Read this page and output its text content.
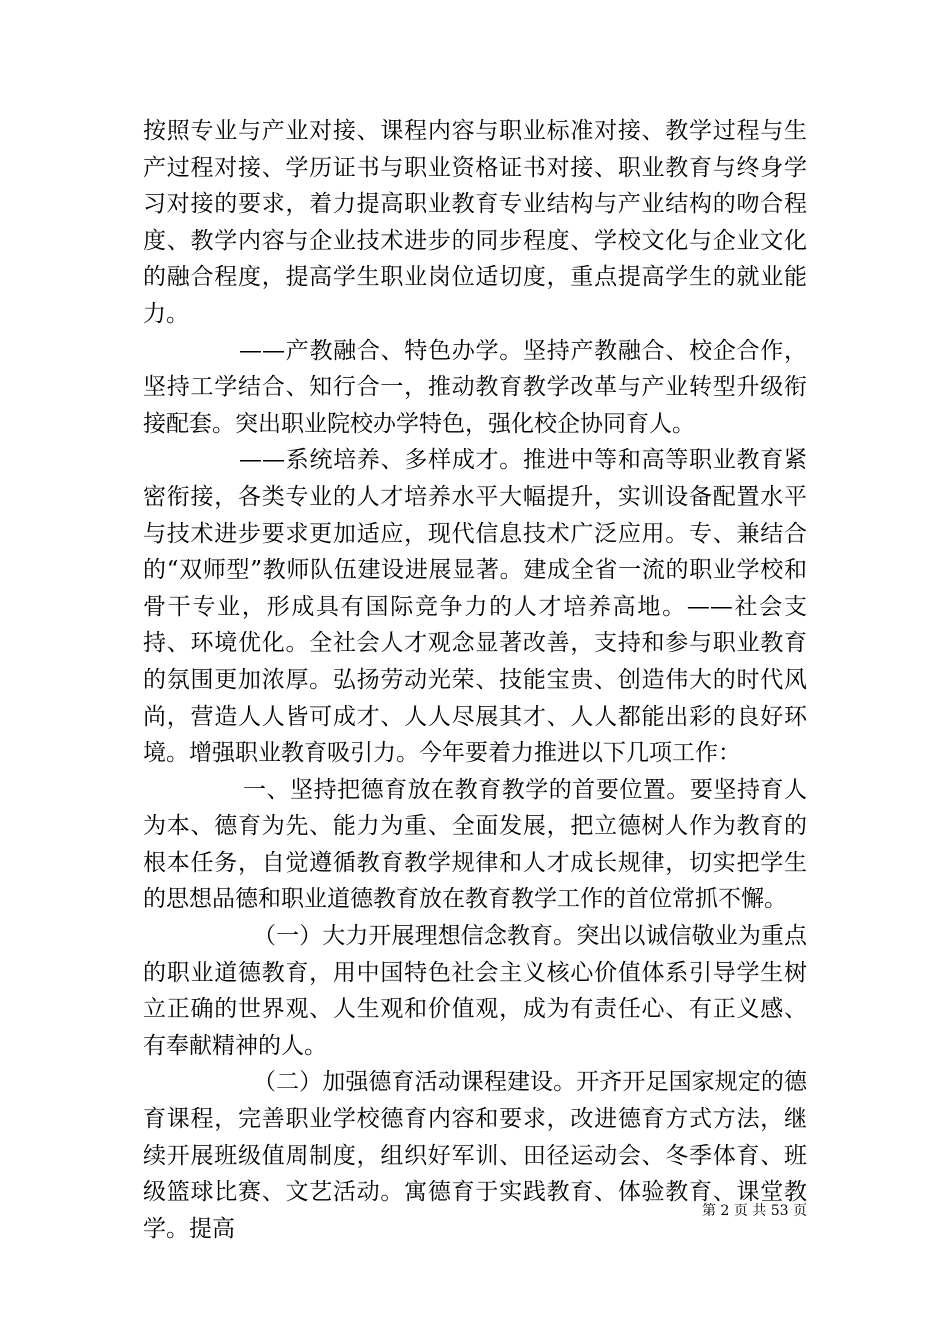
按照专业与产业对接、课程内容与职业标准对接、教学过程与生产过程对接、学历证书与职业资格证书对接、职业教育与终身学习对接的要求，着力提高职业教育专业结构与产业结构的吻合程度、教学内容与企业技术进步的同步程度、学校文化与企业文化的融合程度，提高学生职业岗位适切度，重点提高学生的就业能力。

——产教融合、特色办学。坚持产教融合、校企合作，坚持工学结合、知行合一，推动教育教学改革与产业转型升级衔接配套。突出职业院校办学特色，强化校企协同育人。

——系统培养、多样成才。推进中等和高等职业教育紧密衔接，各类专业的人才培养水平大幅提升，实训设备配置水平与技术进步要求更加适应，现代信息技术广泛应用。专、兼结合的“双师型”教师队伍建设进展显著。建成全省一流的职业学校和骨干专业，形成具有国际竞争力的人才培养高地。——社会支持、环境优化。全社会人才观念显著改善，支持和参与职业教育的氛围更加浓厚。弘扬劳动光荣、技能宝贵、创造伟大的时代风尚，营造人人皆可成才、人人尽展其才、人人都能出彩的良好环境。增强职业教育吸引力。今年要着力推进以下几项工作：

一、坚持把德育放在教育教学的首要位置。要坚持育人为本、德育为先、能力为重、全面发展，把立德树人作为教育的根本任务，自觉遵循教育教学规律和人才成长规律，切实把学生的思想品德和职业道德教育放在教育教学工作的首位常抓不懈。

（一）大力开展理想信念教育。突出以诚信敬业为重点的职业道德教育，用中国特色社会主义核心价值体系引导学生树立正确的世界观、人生观和价值观，成为有责任心、有正义感、有奉献精神的人。

（二）加强德育活动课程建设。开齐开足国家规定的德育课程，完善职业学校德育内容和要求，改进德育方式方法，继续开展班级值周制度，组织好军训、田径运动会、冬季体育、班级篮球比赛、文艺活动。寓德育于实践教育、体验教育、课堂教学。提高

第 2 页 共 53 页
